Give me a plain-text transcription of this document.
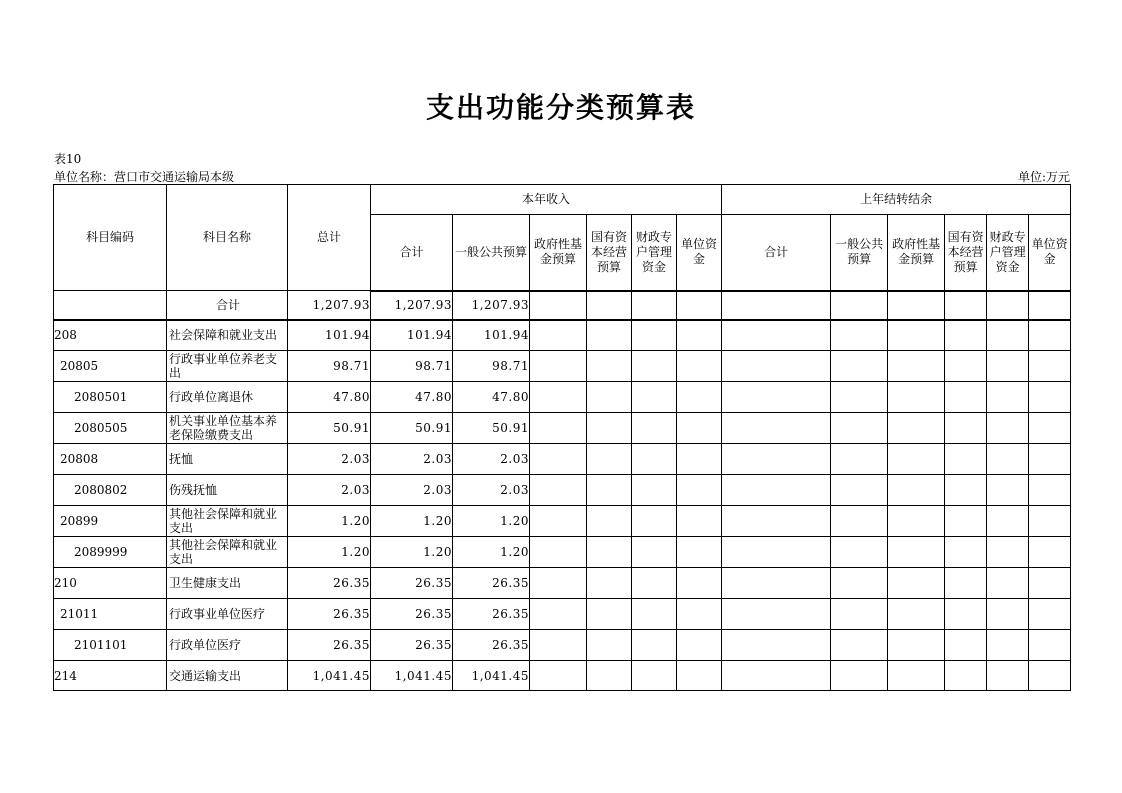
支出功能分类预算表
表10
单位名称：营口市交通运输局本级	单位:万元
科目编码	科目名称	总计	本年收入						上年结转结余					
			合计	一般公共预算	政府性基金预算	国有资本经营预算	财政专户管理资金	单位资金	合计	一般公共预算	政府性基金预算	国有资本经营预算	财政专户管理资金	单位资金
	合计	1,207.93	1,207.93	1,207.93										
208	社会保障和就业支出	101.94	101.94	101.94										
20805	行政事业单位养老支出	98.71	98.71	98.71										
2080501	行政单位离退休	47.80	47.80	47.80										
2080505	机关事业单位基本养老保险缴费支出	50.91	50.91	50.91										
20808	抚恤	2.03	2.03	2.03										
2080802	伤残抚恤	2.03	2.03	2.03										
20899	其他社会保障和就业支出	1.20	1.20	1.20										
2089999	其他社会保障和就业支出	1.20	1.20	1.20										
210	卫生健康支出	26.35	26.35	26.35										
21011	行政事业单位医疗	26.35	26.35	26.35										
2101101	行政单位医疗	26.35	26.35	26.35										
214	交通运输支出	1,041.45	1,041.45	1,041.45										
